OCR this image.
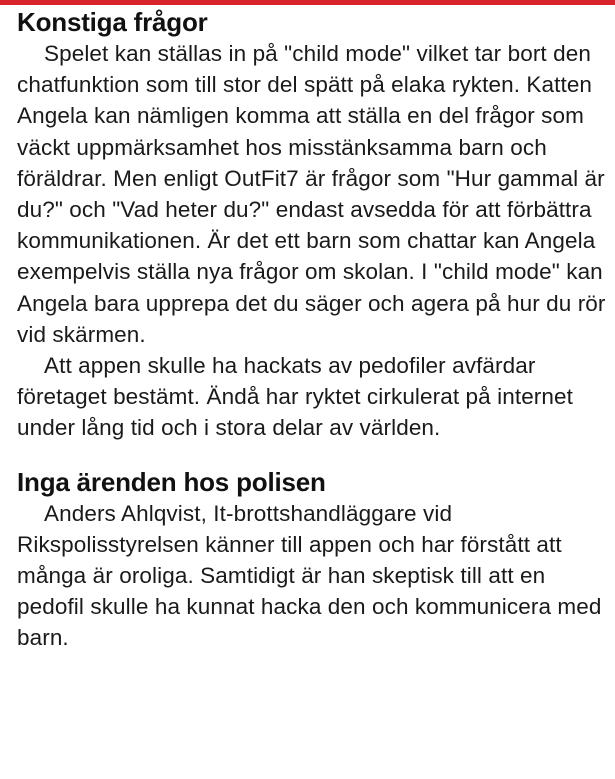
Konstiga frågor

Spelet kan ställas in på "child mode" vilket tar bort den chatfunktion som till stor del spätt på elaka rykten. Katten Angela kan nämligen komma att ställa en del frågor som väckt uppmärksamhet hos misstänksamma barn och föräldrar. Men enligt OutFit7 är frågor som "Hur gammal är du?" och "Vad heter du?" endast avsedda för att förbättra kommunikationen. Är det ett barn som chattar kan Angela exempelvis ställa nya frågor om skolan. I "child mode" kan Angela bara upprepa det du säger och agera på hur du rör vid skärmen.

Att appen skulle ha hackats av pedofiler avfärdar företaget bestämt. Ändå har ryktet cirkulerat på internet under lång tid och i stora delar av världen.

Inga ärenden hos polisen

Anders Ahlqvist, It-brottshandläggare vid Rikspolisstyrelsen känner till appen och har förstått att många är oroliga. Samtidigt är han skeptisk till att en pedofil skulle ha kunnat hacka den och kommunicera med barn.
